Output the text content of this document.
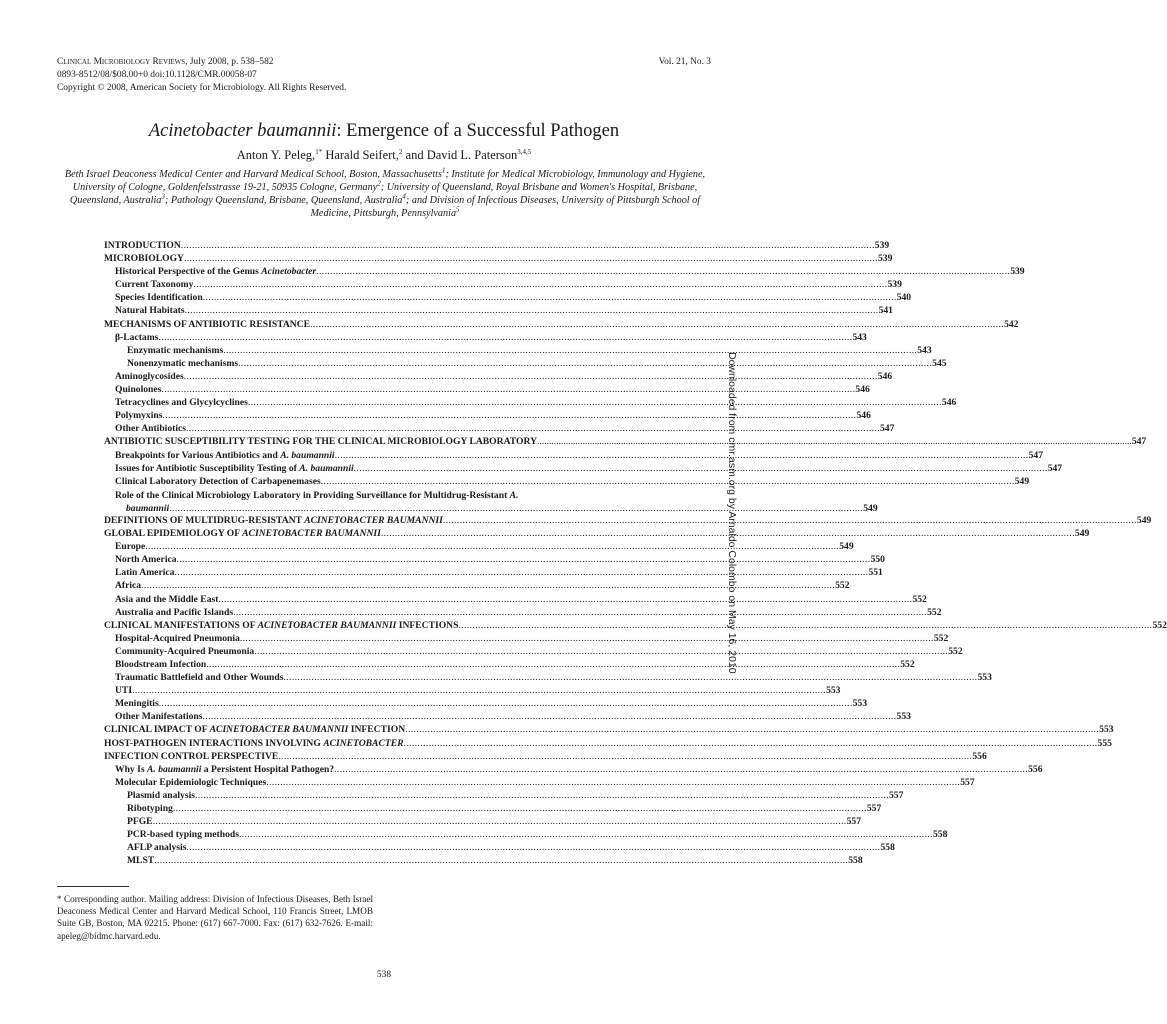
Clinical Microbiology Reviews, July 2008, p. 538–582	Vol. 21, No. 3
0893-8512/08/$08.00+0 doi:10.1128/CMR.00058-07
Copyright © 2008, American Society for Microbiology. All Rights Reserved.
Acinetobacter baumannii: Emergence of a Successful Pathogen
Anton Y. Peleg,$^{1*}$ Harald Seifert,$^2$ and David L. Paterson$^{3,4,5}$
Beth Israel Deaconess Medical Center and Harvard Medical School, Boston, Massachusetts$^1$; Institute for Medical Microbiology, Immunology and Hygiene, University of Cologne, Goldenfelsstrasse 19-21, 50935 Cologne, Germany$^2$; University of Queensland, Royal Brisbane and Women's Hospital, Brisbane, Queensland, Australia$^3$; Pathology Queensland, Brisbane, Queensland, Australia$^4$; and Division of Infectious Diseases, University of Pittsburgh School of Medicine, Pittsburgh, Pennsylvania$^5$
INTRODUCTION .....	539
MICROBIOLOGY .....	539
Historical Perspective of the Genus Acinetobacter .....	539
Current Taxonomy .....	539
Species Identification .....	540
Natural Habitats .....	541
MECHANISMS OF ANTIBIOTIC RESISTANCE .....	542
β-Lactams .....	543
Enzymatic mechanisms .....	543
Nonenzymatic mechanisms .....	545
Aminoglycosides .....	546
Quinolones .....	546
Tetracyclines and Glycylcyclines .....	546
Polymyxins .....	546
Other Antibiotics .....	547
ANTIBIOTIC SUSCEPTIBILITY TESTING FOR THE CLINICAL MICROBIOLOGY LABORATORY .....	547
Breakpoints for Various Antibiotics and A. baumannii .....	547
Issues for Antibiotic Susceptibility Testing of A. baumannii .....	547
Clinical Laboratory Detection of Carbapenemases .....	549
Role of the Clinical Microbiology Laboratory in Providing Surveillance for Multidrug-Resistant A.
baumannii .....	549
DEFINITIONS OF MULTIDRUG-RESISTANT ACINETOBACTER BAUMANNII .....	549
GLOBAL EPIDEMIOLOGY OF ACINETOBACTER BAUMANNII .....	549
Europe .....	549
North America .....	550
Latin America .....	551
Africa .....	552
Asia and the Middle East .....	552
Australia and Pacific Islands .....	552
CLINICAL MANIFESTATIONS OF ACINETOBACTER BAUMANNII INFECTIONS .....	552
Hospital-Acquired Pneumonia .....	552
Community-Acquired Pneumonia .....	552
Bloodstream Infection .....	552
Traumatic Battlefield and Other Wounds .....	553
UTI .....	553
Meningitis .....	553
Other Manifestations .....	553
CLINICAL IMPACT OF ACINETOBACTER BAUMANNII INFECTION .....	553
HOST-PATHOGEN INTERACTIONS INVOLVING ACINETOBACTER .....	555
INFECTION CONTROL PERSPECTIVE .....	556
Why Is A. baumannii a Persistent Hospital Pathogen? .....	556
Molecular Epidemiologic Techniques .....	557
Plasmid analysis .....	557
Ribotyping .....	557
PFGE .....	557
PCR-based typing methods .....	558
AFLP analysis .....	558
MLST .....	558
* Corresponding author. Mailing address: Division of Infectious Diseases, Beth Israel Deaconess Medical Center and Harvard Medical School, 110 Francis Street, LMOB Suite GB, Boston, MA 02215. Phone: (617) 667-7000. Fax: (617) 632-7626. E-mail: apeleg@bidmc.harvard.edu.
538
Downloaded from cmr.asm.org by Arnaldo Colombo on May 16, 2010
